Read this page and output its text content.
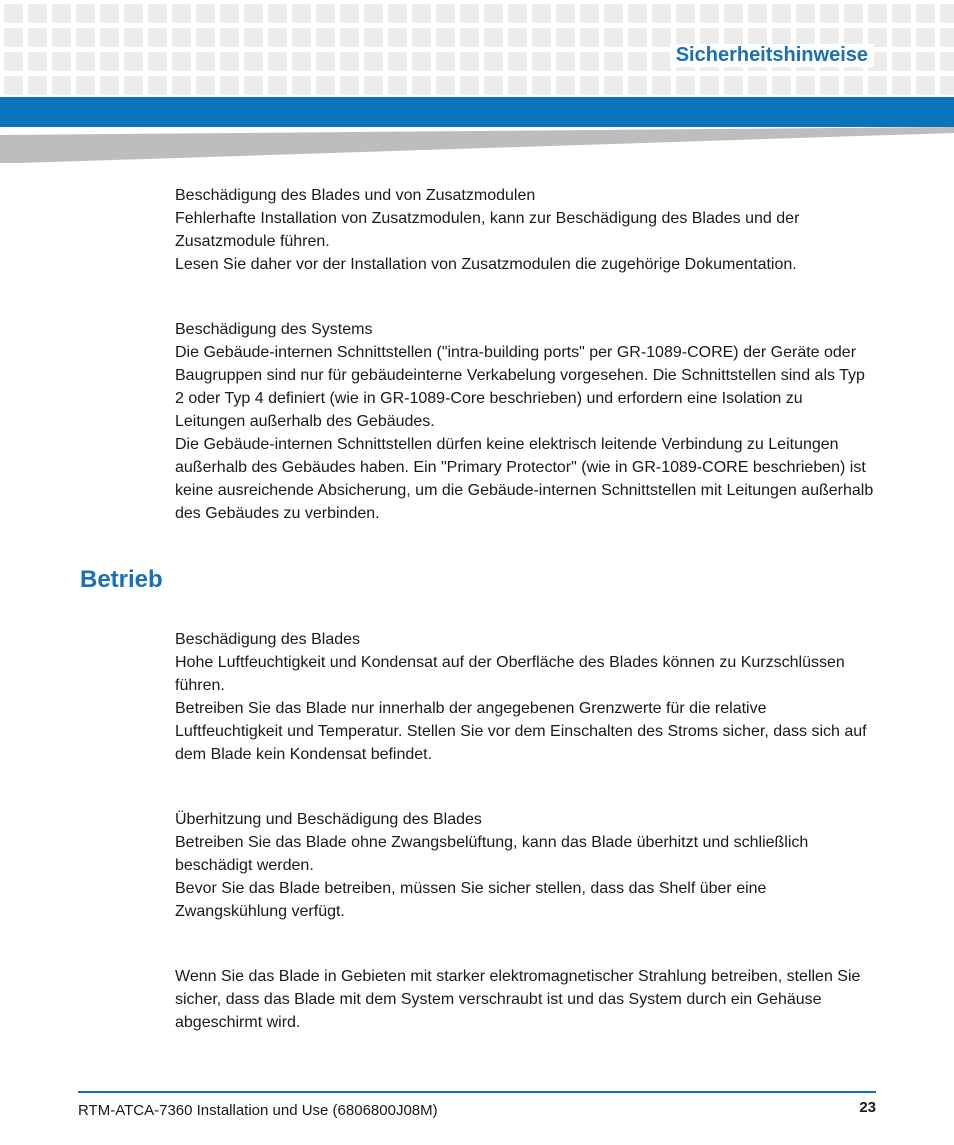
Sicherheitshinweise

Beschädigung des Blades und von Zusatzmodulen

Fehlerhafte Installation von Zusatzmodulen, kann zur Beschädigung des Blades und der Zusatzmodule führen.

Lesen Sie daher vor der Installation von Zusatzmodulen die zugehörige Dokumentation.

Beschädigung des Systems

Die Gebäude-internen Schnittstellen ("intra-building ports" per GR-1089-CORE) der Geräte oder Baugruppen sind nur für gebäudeinterne Verkabelung vorgesehen. Die Schnittstellen sind als Typ 2 oder Typ 4 definiert (wie in GR-1089-Core beschrieben) und erfordern eine Isolation zu Leitungen außerhalb des Gebäudes.

Die Gebäude-internen Schnittstellen dürfen keine elektrisch leitende Verbindung zu Leitungen außerhalb des Gebäudes haben. Ein "Primary Protector" (wie in GR-1089-CORE beschrieben) ist keine ausreichende Absicherung, um die Gebäude-internen Schnittstellen mit Leitungen außerhalb des Gebäudes zu verbinden.

Betrieb

Beschädigung des Blades

Hohe Luftfeuchtigkeit und Kondensat auf der Oberfläche des Blades können zu Kurzschlüssen führen.

Betreiben Sie das Blade nur innerhalb der angegebenen Grenzwerte für die relative Luftfeuchtigkeit und Temperatur. Stellen Sie vor dem Einschalten des Stroms sicher, dass sich auf dem Blade kein Kondensat befindet.

Überhitzung und Beschädigung des Blades

Betreiben Sie das Blade ohne Zwangsbelüftung, kann das Blade überhitzt und schließlich beschädigt werden.

Bevor Sie das Blade betreiben, müssen Sie sicher stellen, dass das Shelf über eine Zwangskühlung verfügt.

Wenn Sie das Blade in Gebieten mit starker elektromagnetischer Strahlung betreiben, stellen Sie sicher, dass das Blade mit dem System verschraubt ist und das System durch ein Gehäuse abgeschirmt wird.

RTM-ATCA-7360 Installation und Use (6806800J08M)	23
